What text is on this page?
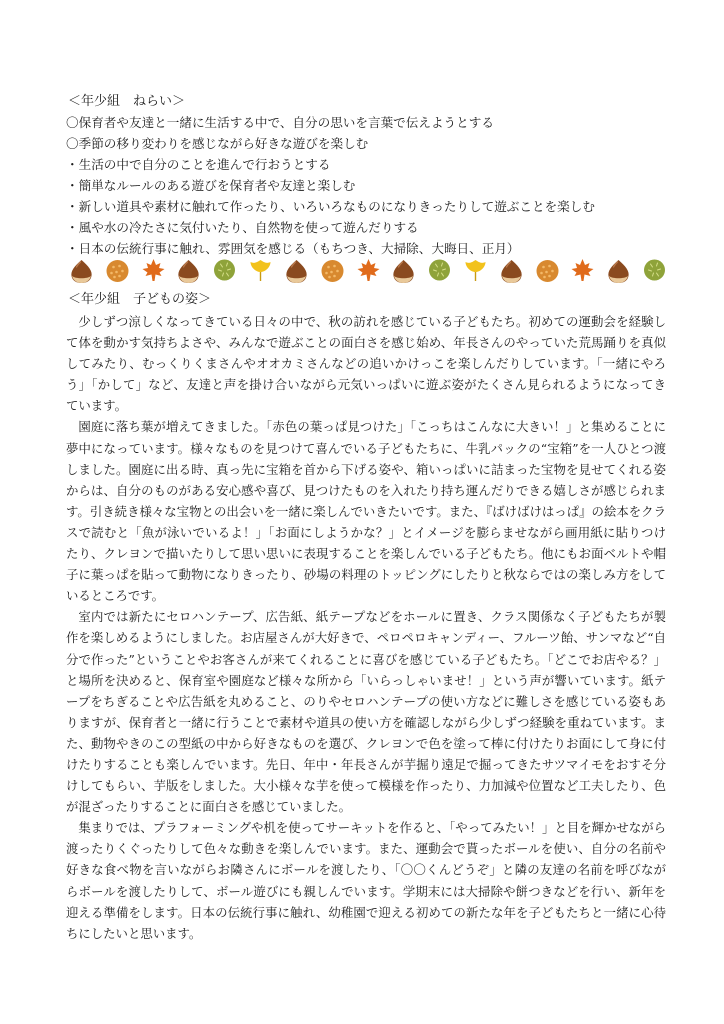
＜年少組　ねらい＞
〇保育者や友達と一緒に生活する中で、自分の思いを言葉で伝えようとする
〇季節の移り変わりを感じながら好きな遊びを楽しむ
・生活の中で自分のことを進んで行おうとする
・簡単なルールのある遊びを保育者や友達と楽しむ
・新しい道具や素材に触れて作ったり、いろいろなものになりきったりして遊ぶことを楽しむ
・風や水の冷たさに気付いたり、自然物を使って遊んだりする
・日本の伝統行事に触れ、雰囲気を感じる（もちつき、大掃除、大晦日、正月）
＜年少組　子どもの姿＞

少しずつ涼しくなってきている日々の中で、秋の訪れを感じている子どもたち。初めての運動会を経験して体を動かす気持ちよさや、みんなで遊ぶことの面白さを感じ始め、年長さんのやっていた荒馬踊りを真似してみたり、むっくりくまさんやオオカミさんなどの追いかけっこを楽しんだりしています。「一緒にやろう」「かして」など、友達と声を掛け合いながら元気いっぱいに遊ぶ姿がたくさん見られるようになってきています。

園庭に落ち葉が増えてきました。「赤色の葉っぱ見つけた」「こっちはこんなに大きい！」と集めることに夢中になっています。様々なものを見つけて喜んでいる子どもたちに、牛乳パックの“宝箱”を一人ひとつ渡しました。園庭に出る時、真っ先に宝箱を首から下げる姿や、箱いっぱいに詰まった宝物を見せてくれる姿からは、自分のものがある安心感や喜び、見つけたものを入れたり持ち運んだりできる嬉しさが感じられます。引き続き様々な宝物との出会いを一緒に楽しんでいきたいです。また、『ばけばけはっぱ』の絵本をクラスで読むと「魚が泳いでいるよ！」「お面にしようかな？」とイメージを膨らませながら画用紙に貼りつけたり、クレヨンで描いたりして思い思いに表現することを楽しんでいる子どもたち。他にもお面ベルトや帽子に葉っぱを貼って動物になりきったり、砂場の料理のトッピングにしたりと秋ならではの楽しみ方をしているところです。

室内では新たにセロハンテープ、広告紙、紙テープなどをホールに置き、クラス関係なく子どもたちが製作を楽しめるようにしました。お店屋さんが大好きで、ペロペロキャンディー、フルーツ飴、サンマなど“自分で作った”ということやお客さんが来てくれることに喜びを感じている子どもたち。「どこでお店やる？」と場所を決めると、保育室や園庭など様々な所から「いらっしゃいませ！」という声が響いています。紙テープをちぎることや広告紙を丸めること、のりやセロハンテープの使い方などに難しさを感じている姿もありますが、保育者と一緒に行うことで素材や道具の使い方を確認しながら少しずつ経験を重ねています。また、動物やきのこの型紙の中から好きなものを選び、クレヨンで色を塗って棒に付けたりお面にして身に付けたりすることも楽しんでいます。先日、年中・年長さんが芋掘り遠足で掘ってきたサツマイモをおすそ分けしてもらい、芋版をしました。大小様々な芋を使って模様を作ったり、力加減や位置など工夫したり、色が混ざったりすることに面白さを感じていました。

集まりでは、プラフォーミングや机を使ってサーキットを作ると、「やってみたい！」と目を輝かせながら渡ったりくぐったりして色々な動きを楽しんでいます。また、運動会で貰ったボールを使い、自分の名前や好きな食べ物を言いながらお隣さんにボールを渡したり、「〇〇くんどうぞ」と隣の友達の名前を呼びながらボールを渡したりして、ボール遊びにも親しんでいます。学期末には大掃除や餅つきなどを行い、新年を迎える準備をします。日本の伝統行事に触れ、幼稚園で迎える初めての新たな年を子どもたちと一緒に心待ちにしたいと思います。
